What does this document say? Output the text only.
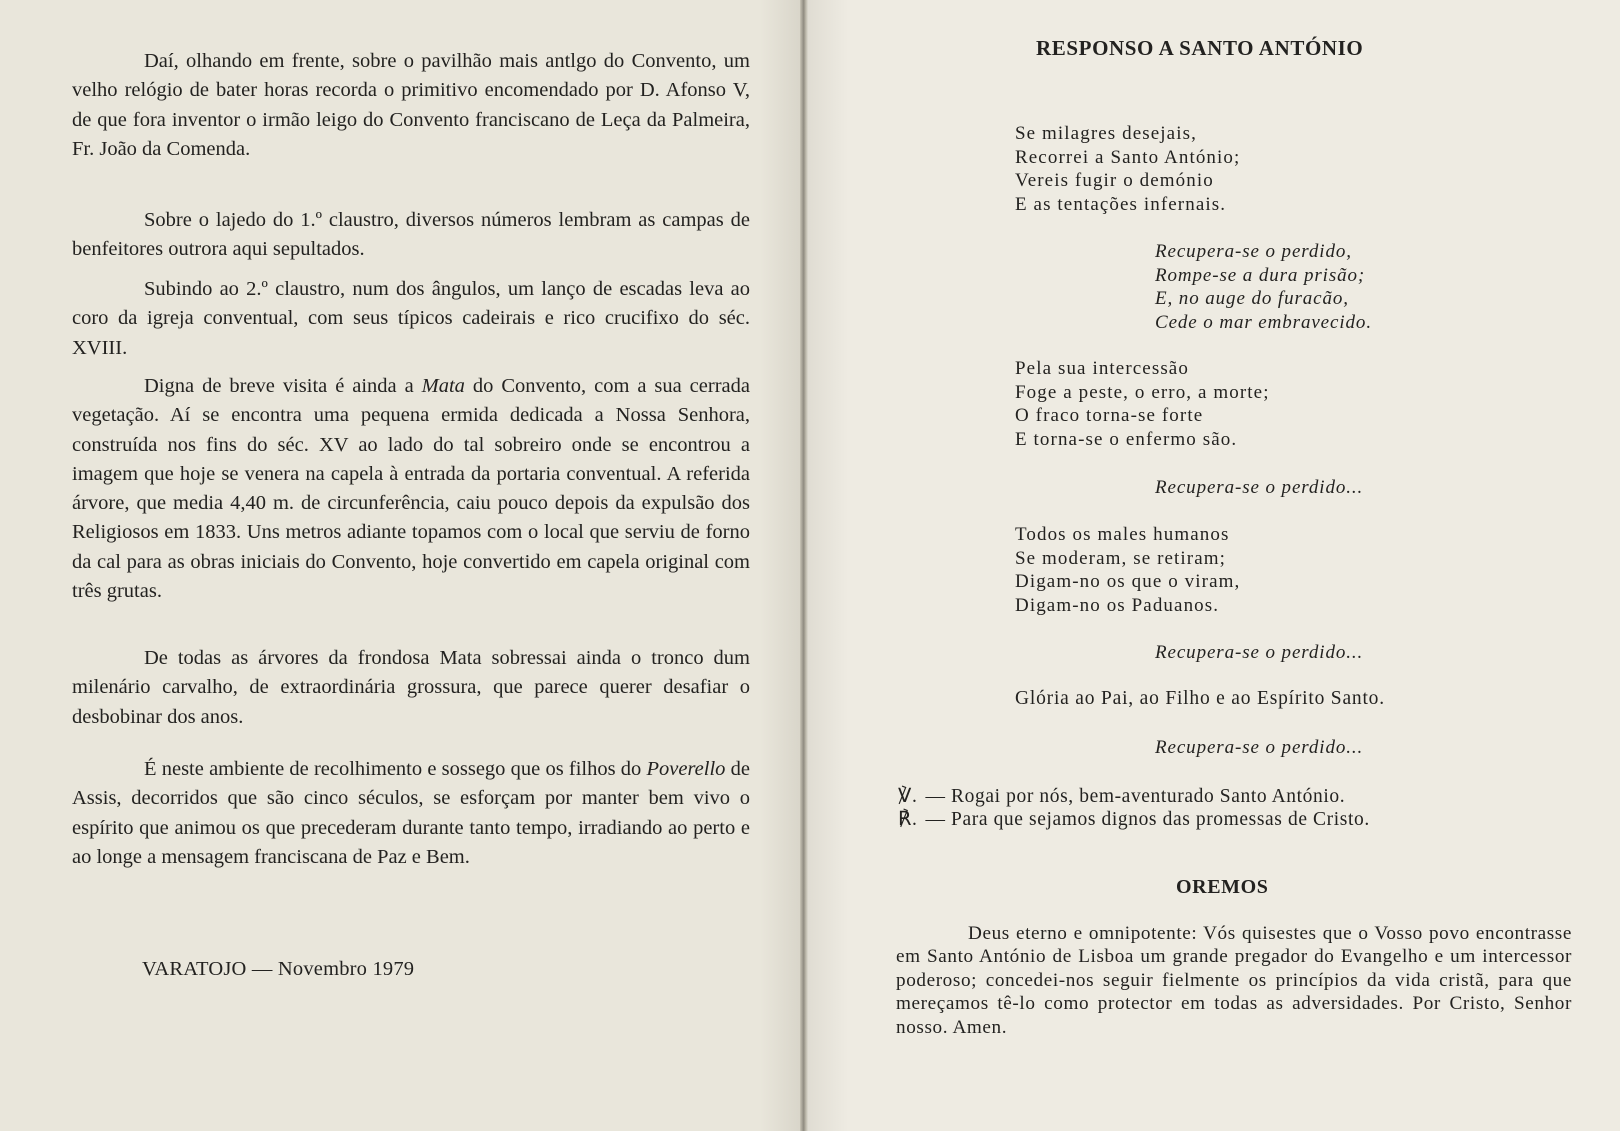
Daí, olhando em frente, sobre o pavilhão mais antlgo do Convento, um velho relógio de bater horas recorda o primitivo encomendado por D. Afonso V, de que fora inventor o irmão leigo do Convento franciscano de Leça da Palmeira, Fr. João da Comenda.

Sobre o lajedo do 1.º claustro, diversos números lembram as campas de benfeitores outrora aqui sepultados.

Subindo ao 2.º claustro, num dos ângulos, um lanço de escadas leva ao coro da igreja conventual, com seus típicos cadeirais e rico crucifixo do séc. XVIII.

Digna de breve visita é ainda a Mata do Convento, com a sua cerrada vegetação. Aí se encontra uma pequena ermida dedicada a Nossa Senhora, construída nos fins do séc. XV ao lado do tal sobreiro onde se encontrou a imagem que hoje se venera na capela à entrada da portaria conventual. A referida árvore, que media 4,40 m. de circunferência, caiu pouco depois da expulsão dos Religiosos em 1833. Uns metros adiante topamos com o local que serviu de forno da cal para as obras iniciais do Convento, hoje convertido em capela original com três grutas.

De todas as árvores da frondosa Mata sobressai ainda o tronco dum milenário carvalho, de extraordinária grossura, que parece querer desafiar o desbobinar dos anos.

É neste ambiente de recolhimento e sossego que os filhos do Poverello de Assis, decorridos que são cinco séculos, se esforçam por manter bem vivo o espírito que animou os que precederam durante tanto tempo, irradiando ao perto e ao longe a mensagem franciscana de Paz e Bem.

VARATOJO — Novembro 1979

RESPONSO A SANTO ANTÓNIO

Se milagres desejais,
Recorrei a Santo António;
Vereis fugir o demónio
E as tentações infernais.

Recupera-se o perdido,
Rompe-se a dura prisão;
E, no auge do furacão,
Cede o mar embravecido.

Pela sua intercessão
Foge a peste, o erro, a morte;
O fraco torna-se forte
E torna-se o enfermo são.

Recupera-se o perdido...

Todos os males humanos
Se moderam, se retiram;
Digam-no os que o viram,
Digam-no os Paduanos.

Recupera-se o perdido...

Glória ao Pai, ao Filho e ao Espírito Santo.

Recupera-se o perdido...

℣. — Rogai por nós, bem-aventurado Santo António.

℟. — Para que sejamos dignos das promessas de Cristo.

OREMOS

Deus eterno e omnipotente: Vós quisestes que o Vosso povo encontrasse em Santo António de Lisboa um grande pregador do Evangelho e um intercessor poderoso; concedei-nos seguir fielmente os princípios da vida cristã, para que mereçamos tê-lo como protector em todas as adversidades. Por Cristo, Senhor nosso. Amen.
